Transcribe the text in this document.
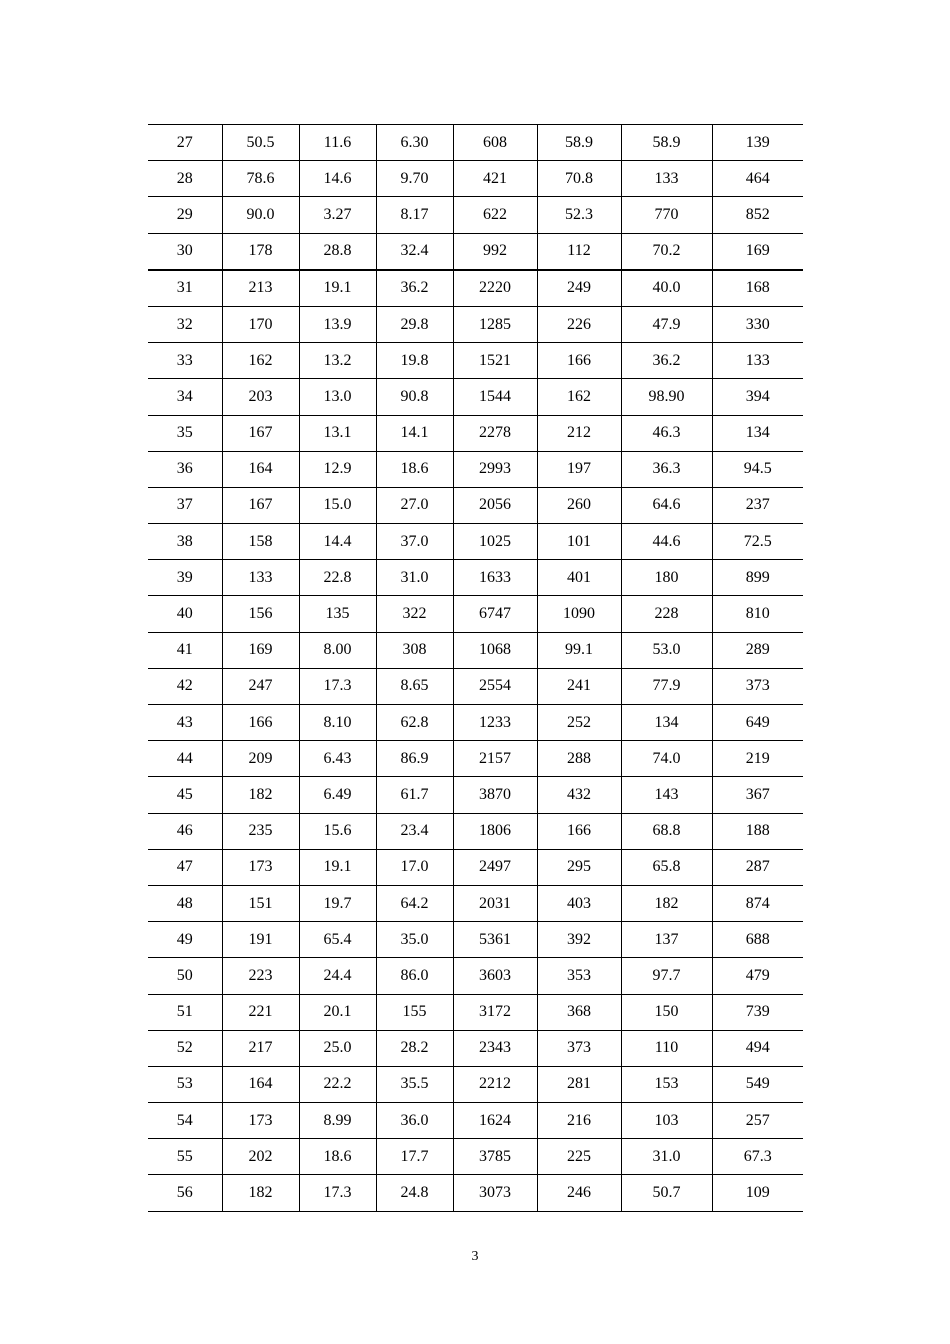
27	50.5	11.6	6.30	608	58.9	58.9	139
28	78.6	14.6	9.70	421	70.8	133	464
29	90.0	3.27	8.17	622	52.3	770	852
30	178	28.8	32.4	992	112	70.2	169
31	213	19.1	36.2	2220	249	40.0	168
32	170	13.9	29.8	1285	226	47.9	330
33	162	13.2	19.8	1521	166	36.2	133
34	203	13.0	90.8	1544	162	98.90	394
35	167	13.1	14.1	2278	212	46.3	134
36	164	12.9	18.6	2993	197	36.3	94.5
37	167	15.0	27.0	2056	260	64.6	237
38	158	14.4	37.0	1025	101	44.6	72.5
39	133	22.8	31.0	1633	401	180	899
40	156	135	322	6747	1090	228	810
41	169	8.00	308	1068	99.1	53.0	289
42	247	17.3	8.65	2554	241	77.9	373
43	166	8.10	62.8	1233	252	134	649
44	209	6.43	86.9	2157	288	74.0	219
45	182	6.49	61.7	3870	432	143	367
46	235	15.6	23.4	1806	166	68.8	188
47	173	19.1	17.0	2497	295	65.8	287
48	151	19.7	64.2	2031	403	182	874
49	191	65.4	35.0	5361	392	137	688
50	223	24.4	86.0	3603	353	97.7	479
51	221	20.1	155	3172	368	150	739
52	217	25.0	28.2	2343	373	110	494
53	164	22.2	35.5	2212	281	153	549
54	173	8.99	36.0	1624	216	103	257
55	202	18.6	17.7	3785	225	31.0	67.3
56	182	17.3	24.8	3073	246	50.7	109
3
